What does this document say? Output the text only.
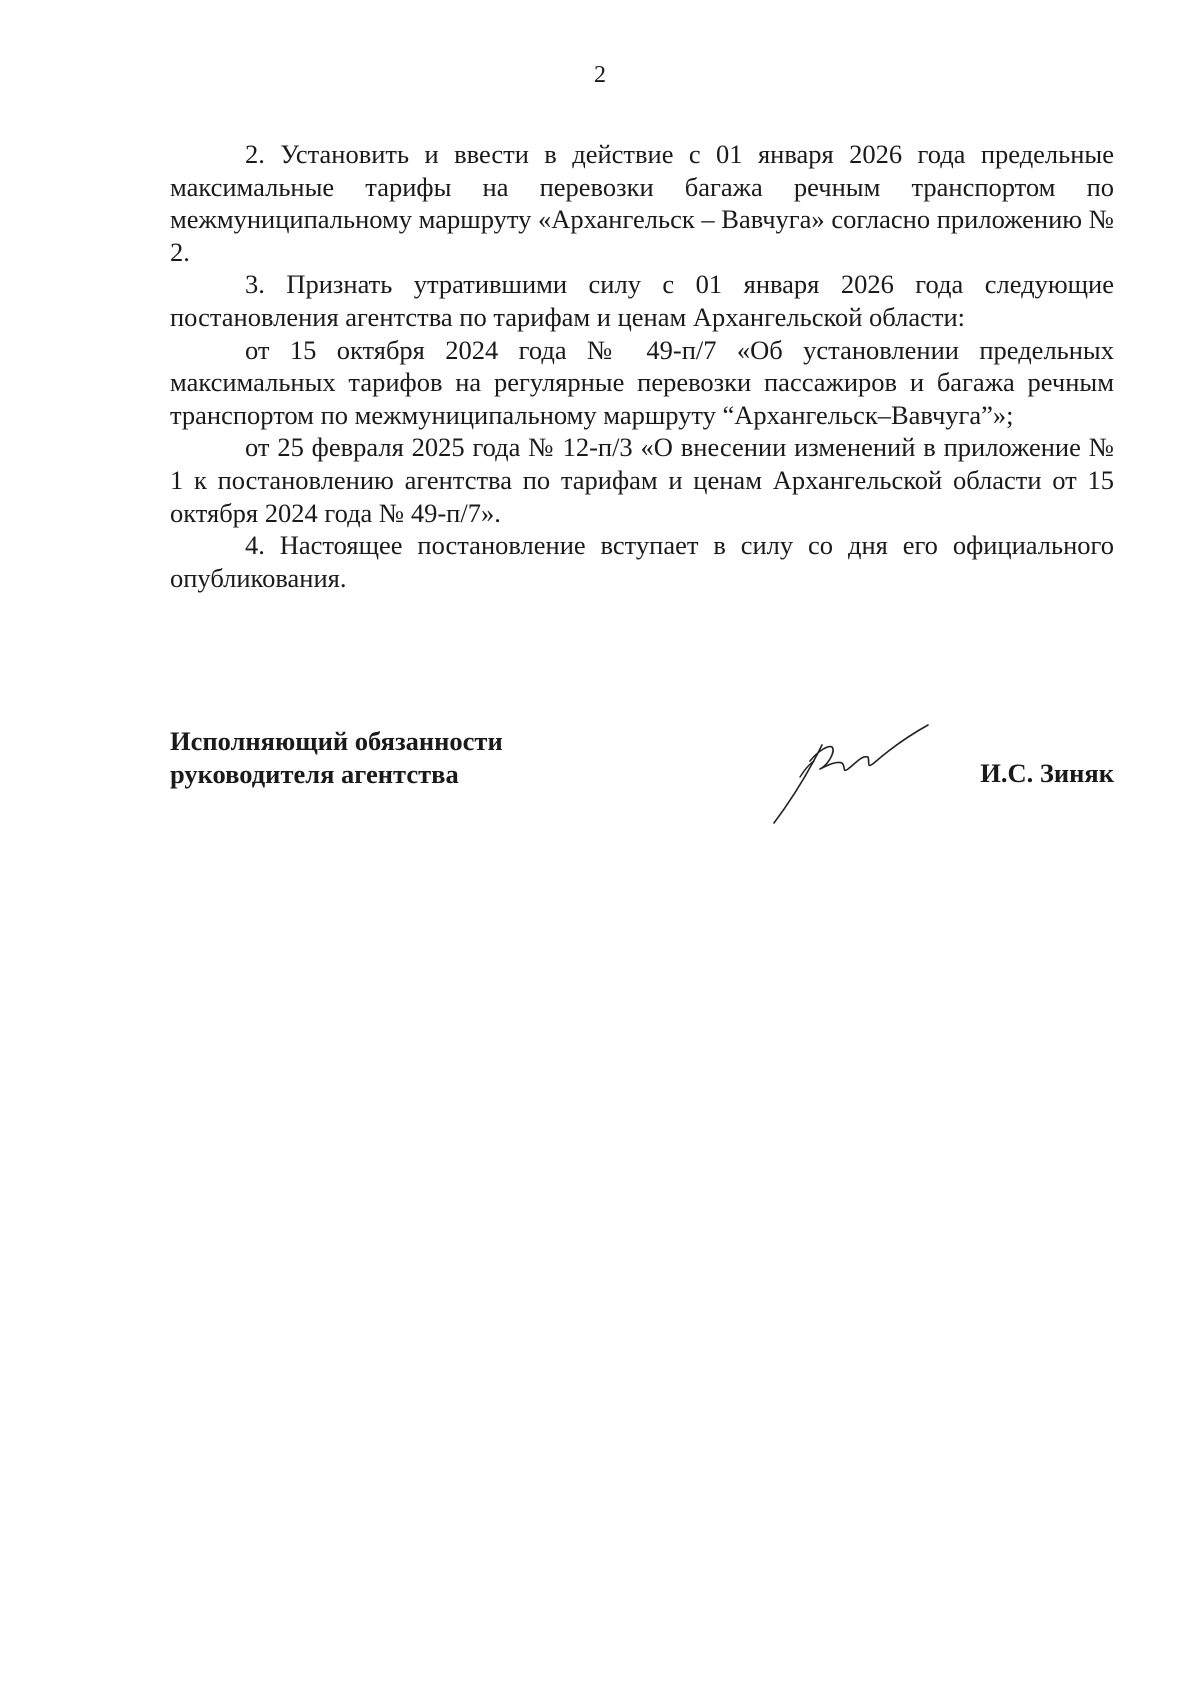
2

2. Установить и ввести в действие с 01 января 2026 года предельные максимальные тарифы на перевозки багажа речным транспортом по межмуниципальному маршруту «Архангельск – Вавчуга» согласно приложению № 2.

3. Признать утратившими силу с 01 января 2026 года следующие постановления агентства по тарифам и ценам Архангельской области:

от 15 октября 2024 года № 49-п/7 «Об установлении предельных максимальных тарифов на регулярные перевозки пассажиров и багажа речным транспортом по межмуниципальному маршруту “Архангельск–Вавчуга”»;

от 25 февраля 2025 года № 12-п/3 «О внесении изменений в приложение № 1 к постановлению агентства по тарифам и ценам Архангельской области от 15 октября 2024 года № 49-п/7».

4. Настоящее постановление вступает в силу со дня его официального опубликования.

Исполняющий обязанности
руководителя агентства	И.С. Зиняк
